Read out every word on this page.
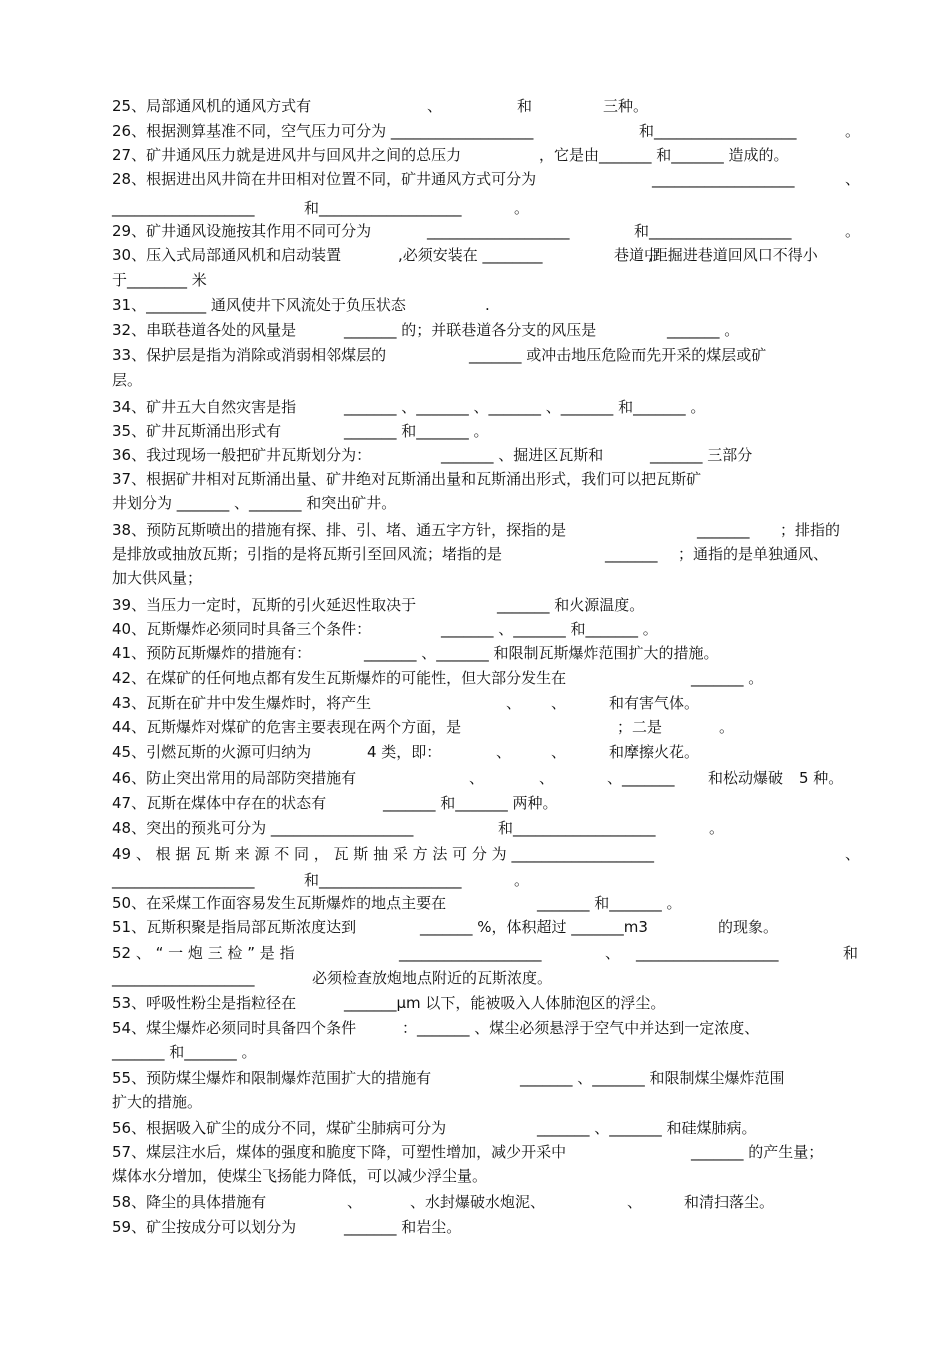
25、局部通风机的通风方式有	、	和	三种。
26、根据测算基准不同，空气压力可分为 ___________________	和___________________	。
27、矿井通风压力就是进风井与回风井之间的总压力	，它是由_______ 和_______ 造成的。
28、根据进出风井筒在井田相对位置不同，矿井通风方式可分为	___________________	、
___________________	和___________________	。
29、矿井通风设施按其作用不同可分为	___________________	和___________________	。
30、压入式局部通风机和启动装置	,必须安装在 ________	巷道中
,距掘进巷道回风口不得小
于________ 米
31、________ 通风使井下风流处于负压状态	.
32、串联巷道各处的风量是	_______ 的；并联巷道各分支的风压是	_______ 。
33、保护层是指为消除或消弱相邻煤层的	_______ 或冲击地压危险而先开采的煤层或矿
层。
34、矿井五大自然灾害是指	_______ 、_______ 、_______ 、_______ 和_______ 。
35、矿井瓦斯涌出形式有	_______ 和_______ 。
36、我过现场一般把矿井瓦斯划分为：	_______ 、掘进区瓦斯和	_______ 三部分
37、根据矿井相对瓦斯涌出量、矿井绝对瓦斯涌出量和瓦斯涌出形式，我们可以把瓦斯矿
井划分为 _______ 、_______ 和突出矿井。
38、预防瓦斯喷出的措施有探、排、引、堵、通五字方针，探指的是	_______ ；排指的
是排放或抽放瓦斯；引指的是将瓦斯引至回风流；堵指的是	_______ ；通指的是单独通风、
加大供风量；
39、当压力一定时，瓦斯的引火延迟性取决于	_______ 和火源温度。
40、瓦斯爆炸必须同时具备三个条件：	_______ 、_______ 和_______ 。
41、预防瓦斯爆炸的措施有：	_______ 、_______ 和限制瓦斯爆炸范围扩大的措施。
42、在煤矿的任何地点都有发生瓦斯爆炸的可能性，但大部分发生在	_______ 。
43、瓦斯在矿井中发生爆炸时，将产生	、 、	和有害气体。
44、瓦斯爆炸对煤矿的危害主要表现在两个方面，是	；二是	。
45、引燃瓦斯的火源可归纳为	4 类，即：	、	、	和摩擦火花。
46、防止突出常用的局部防突措施有	、	、	、_______ 和松动爆破 5 种。
47、瓦斯在煤体中存在的状态有	_______ 和_______ 两种。
48、突出的预兆可分为 ___________________	和___________________	。
49 、 根 据 瓦 斯 来 源 不 同 ， 瓦 斯 抽 采 方 法 可 分 为 ___________________	、
___________________	和___________________	。
50、在采煤工作面容易发生瓦斯爆炸的地点主要在	_______ 和_______ 。
51、瓦斯积聚是指局部瓦斯浓度达到	_______ %，体积超过 _______m3	的现象。
52 、 “ 一 炮 三 检 ” 是 指	___________________	、 ___________________	和
___________________	必须检查放炮地点附近的瓦斯浓度。
53、呼吸性粉尘是指粒径在	_______μm 以下，能被吸入人体肺泡区的浮尘。
54、煤尘爆炸必须同时具备四个条件	：_______ 、煤尘必须悬浮于空气中并达到一定浓度、
_______ 和_______ 。
55、预防煤尘爆炸和限制爆炸范围扩大的措施有	_______ 、_______ 和限制煤尘爆炸范围
扩大的措施。
56、根据吸入矿尘的成分不同，煤矿尘肺病可分为	_______ 、_______ 和硅煤肺病。
57、煤层注水后，煤体的强度和脆度下降，可塑性增加，减少开采中	_______ 的产生量；
煤体水分增加，使煤尘飞扬能力降低，可以减少浮尘量。
58、降尘的具体措施有	、	、水封爆破水炮泥、	、	和清扫落尘。
59、矿尘按成分可以划分为	_______ 和岩尘。
